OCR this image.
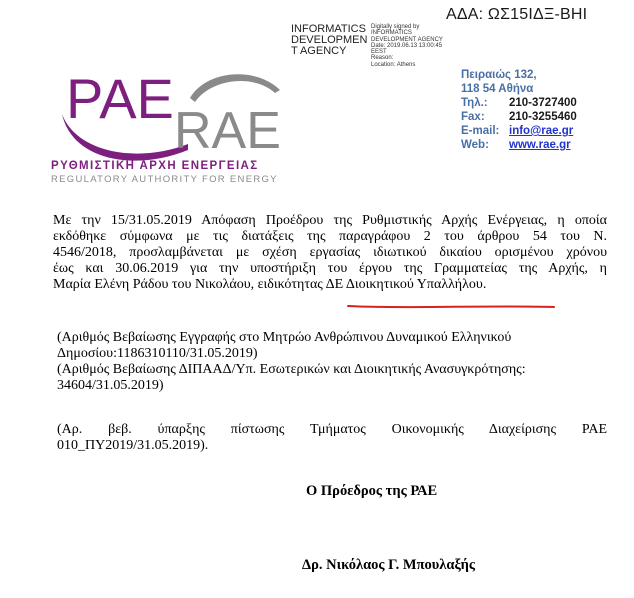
ΑΔΑ: ΩΣ15ΙΔΞ-ΒΗΙ
INFORMATICS DEVELOPMEN T AGENCY
Digitally signed by
INFORMATICS
DEVELOPMENT AGENCY
Date: 2019.06.13 13:00:45
EEST
Reason:
Location: Athens
PAE
RAE
ΡΥΘΜΙΣΤΙΚΗ ΑΡΧΗ ΕΝΕΡΓΕΙΑΣ
REGULATORY AUTHORITY FOR ENERGY
Πειραιώς 132,
118 54 Αθήνα
Τηλ.:	210-3727400
Fax:	210-3255460
E-mail: info@rae.gr
Web:	www.rae.gr
Με την 15/31.05.2019 Απόφαση Προέδρου της Ρυθμιστικής Αρχής Ενέργειας, η οποία
εκδόθηκε σύμφωνα με τις διατάξεις της παραγράφου 2 του άρθρου 54 του Ν.
4546/2018, προσλαμβάνεται με σχέση εργασίας ιδιωτικού δικαίου ορισμένου χρόνου
έως και 30.06.2019 για την υποστήριξη του έργου της Γραμματείας της Αρχής, η
Μαρία Ελένη Ράδου του Νικολάου, ειδικότητας ΔΕ Διοικητικού Υπαλλήλου.
(Αριθμός Βεβαίωσης Εγγραφής στο Μητρώο Ανθρώπινου Δυναμικού Ελληνικού
Δημοσίου:1186310110/31.05.2019)
(Αριθμός Βεβαίωσης ΔΙΠΑΑΔ/Υπ. Εσωτερικών και Διοικητικής Ανασυγκρότησης:
34604/31.05.2019)
(Αρ. βεβ. ύπαρξης πίστωσης Τμήματος Οικονομικής Διαχείρισης ΡΑΕ
010_ΠΥ2019/31.05.2019).
Ο Πρόεδρος της ΡΑΕ
Δρ. Νικόλαος Γ. Μπουλαξής
